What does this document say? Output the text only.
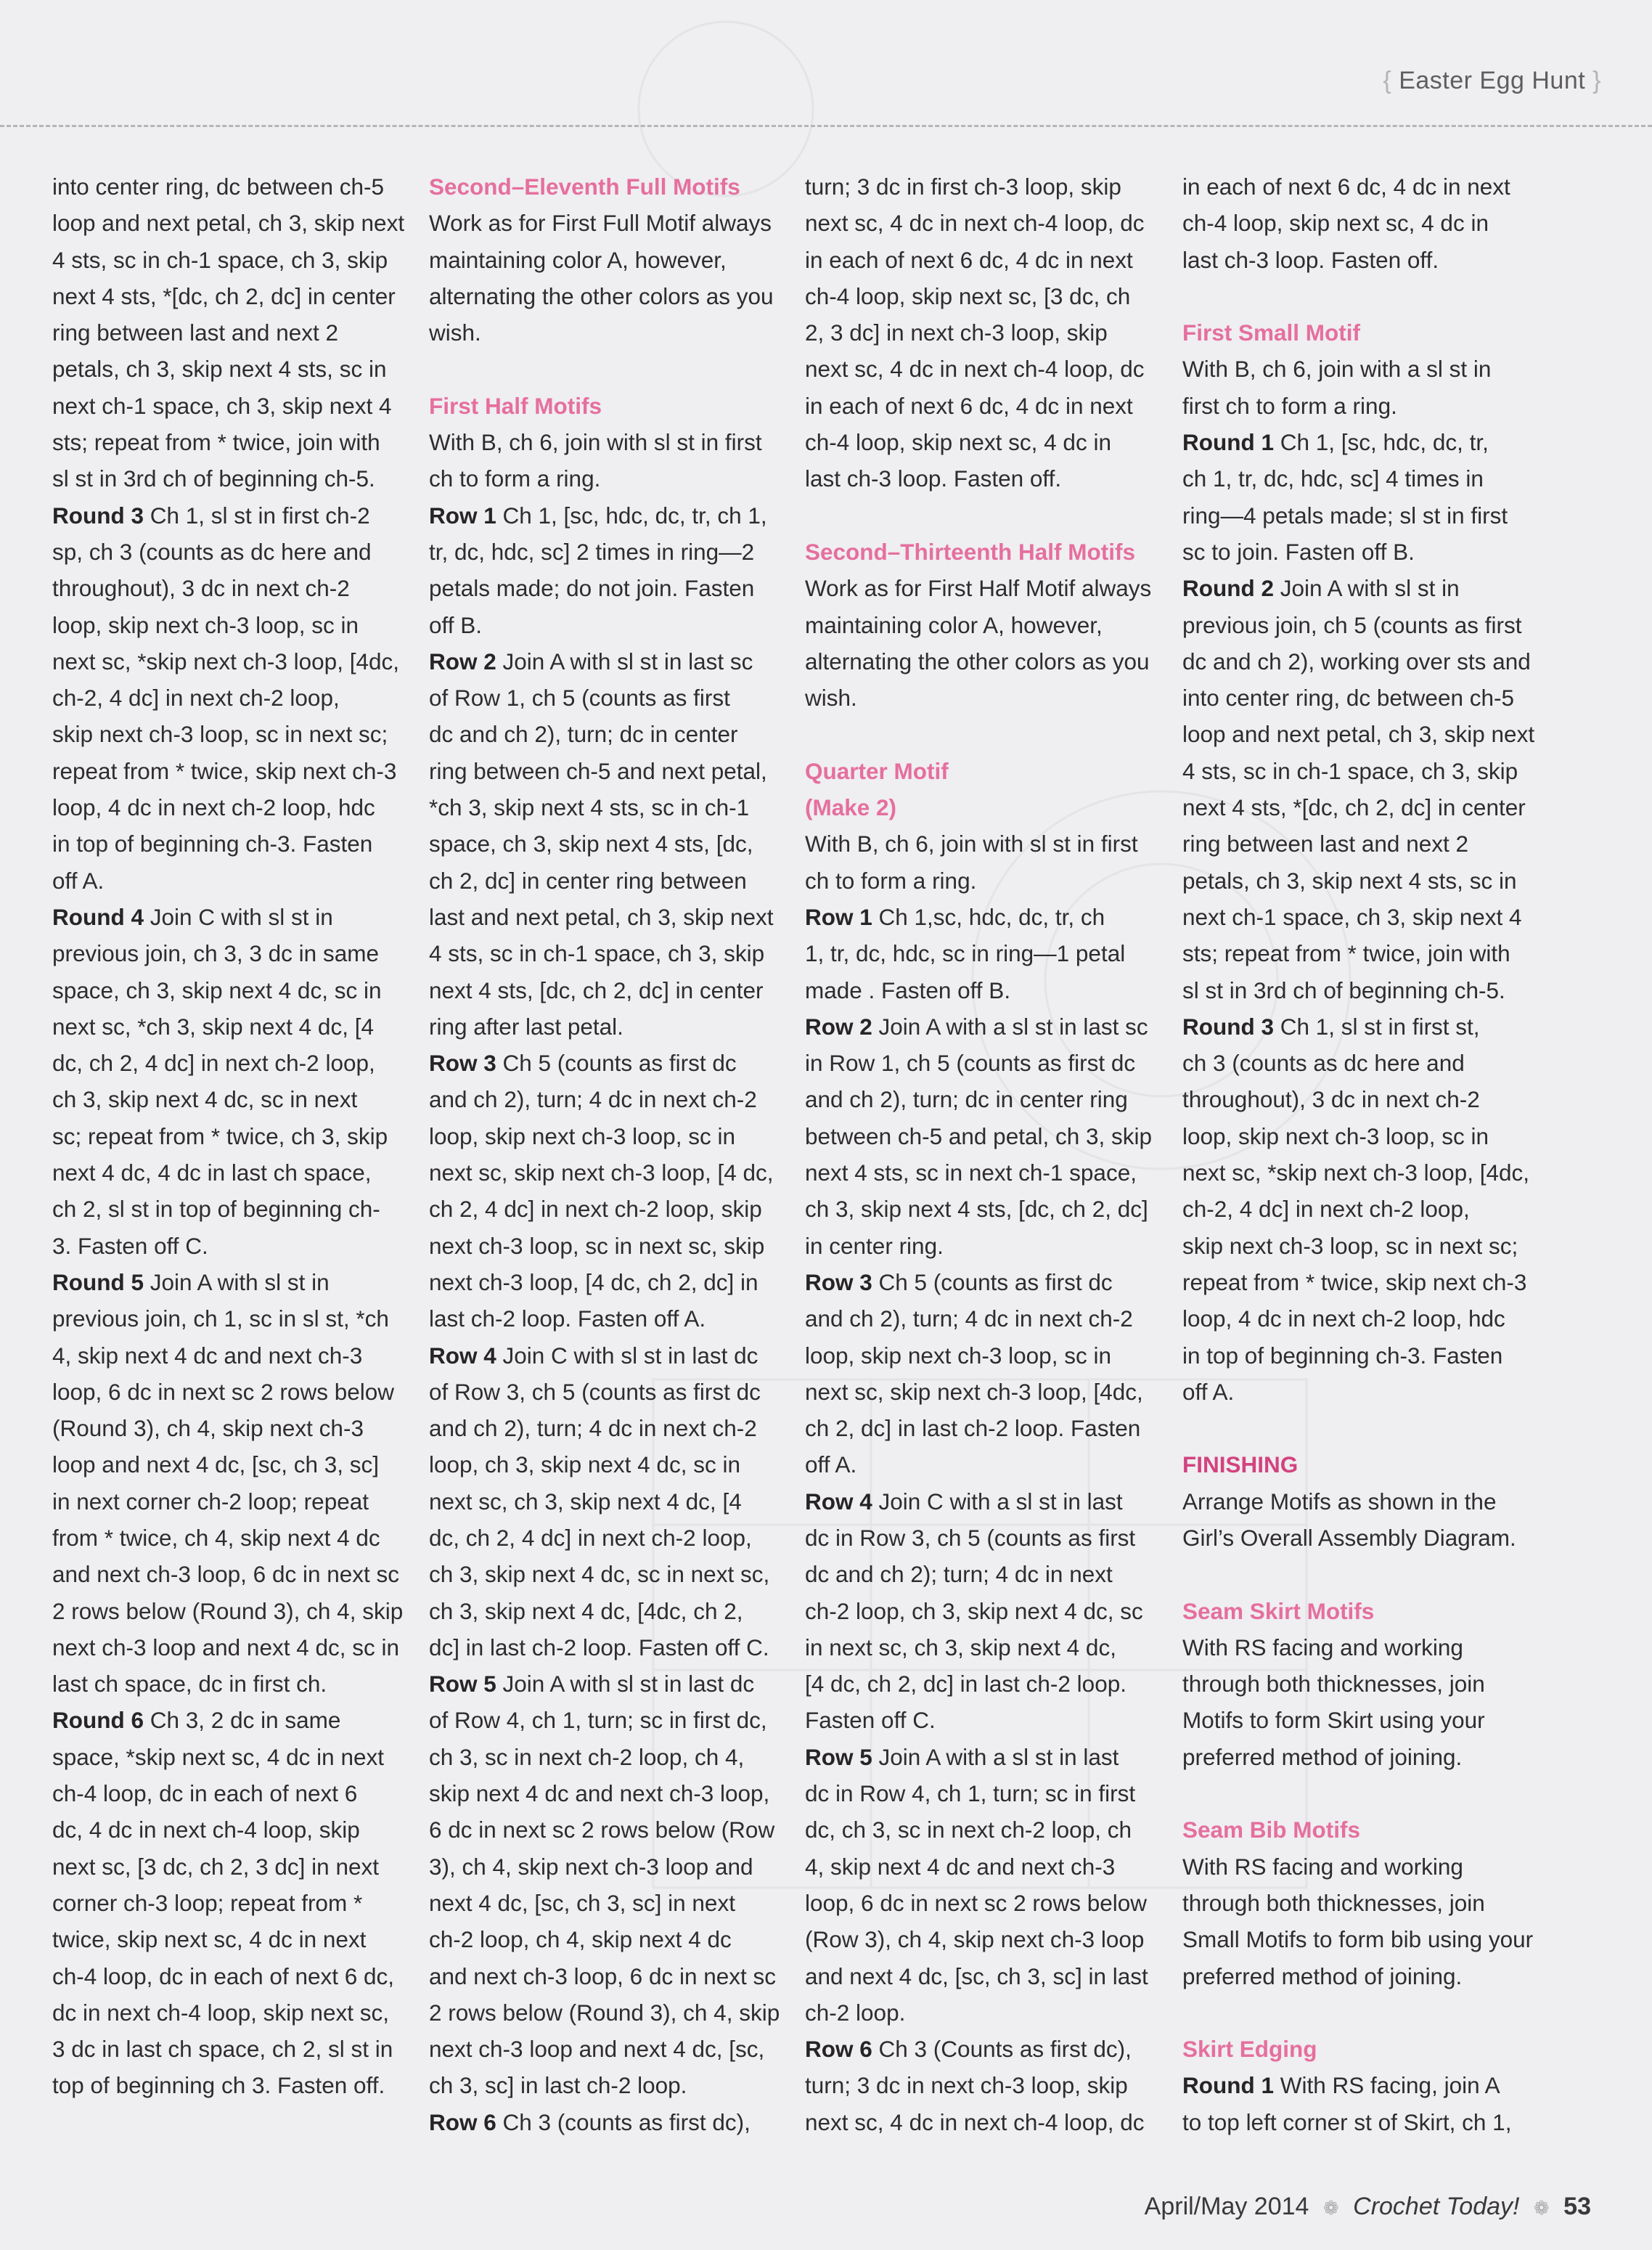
{ Easter Egg Hunt }
into center ring, dc between ch-5
loop and next petal, ch 3, skip next
4 sts, sc in ch-1 space, ch 3, skip
next 4 sts, *[dc, ch 2, dc] in center
ring between last and next 2
petals, ch 3, skip next 4 sts, sc in
next ch-1 space, ch 3, skip next 4
sts; repeat from * twice, join with
sl st in 3rd ch of beginning ch-5.
Round 3 Ch 1, sl st in first ch-2
sp, ch 3 (counts as dc here and
throughout), 3 dc in next ch-2
loop, skip next ch-3 loop, sc in
next sc, *skip next ch-3 loop, [4dc,
ch-2, 4 dc] in next ch-2 loop,
skip next ch-3 loop, sc in next sc;
repeat from * twice, skip next ch-3
loop, 4 dc in next ch-2 loop, hdc
in top of beginning ch-3. Fasten
off A.
Round 4 Join C with sl st in
previous join, ch 3, 3 dc in same
space, ch 3, skip next 4 dc, sc in
next sc, *ch 3, skip next 4 dc, [4
dc, ch 2, 4 dc] in next ch-2 loop,
ch 3, skip next 4 dc, sc in next
sc; repeat from * twice, ch 3, skip
next 4 dc, 4 dc in last ch space,
ch 2, sl st in top of beginning ch-
3. Fasten off C.
Round 5 Join A with sl st in
previous join, ch 1, sc in sl st, *ch
4, skip next 4 dc and next ch-3
loop, 6 dc in next sc 2 rows below
(Round 3), ch 4, skip next ch-3
loop and next 4 dc, [sc, ch 3, sc]
in next corner ch-2 loop; repeat
from * twice, ch 4, skip next 4 dc
and next ch-3 loop, 6 dc in next sc
2 rows below (Round 3), ch 4, skip
next ch-3 loop and next 4 dc, sc in
last ch space, dc in first ch.
Round 6 Ch 3, 2 dc in same
space, *skip next sc, 4 dc in next
ch-4 loop, dc in each of next 6
dc, 4 dc in next ch-4 loop, skip
next sc, [3 dc, ch 2, 3 dc] in next
corner ch-3 loop; repeat from *
twice, skip next sc, 4 dc in next
ch-4 loop, dc in each of next 6 dc,
dc in next ch-4 loop, skip next sc,
3 dc in last ch space, ch 2, sl st in
top of beginning ch 3. Fasten off.
Second–Eleventh Full Motifs
Work as for First Full Motif always
maintaining color A, however,
alternating the other colors as you
wish.
First Half Motifs
With B, ch 6, join with sl st in first
ch to form a ring.
Row 1 Ch 1, [sc, hdc, dc, tr, ch 1,
tr, dc, hdc, sc] 2 times in ring—2
petals made; do not join. Fasten
off B.
Row 2 Join A with sl st in last sc
of Row 1, ch 5 (counts as first
dc and ch 2), turn; dc in center
ring between ch-5 and next petal,
*ch 3, skip next 4 sts, sc in ch-1
space, ch 3, skip next 4 sts, [dc,
ch 2, dc] in center ring between
last and next petal, ch 3, skip next
4 sts, sc in ch-1 space, ch 3, skip
next 4 sts, [dc, ch 2, dc] in center
ring after last petal.
Row 3 Ch 5 (counts as first dc
and ch 2), turn; 4 dc in next ch-2
loop, skip next ch-3 loop, sc in
next sc, skip next ch-3 loop, [4 dc,
ch 2, 4 dc] in next ch-2 loop, skip
next ch-3 loop, sc in next sc, skip
next ch-3 loop, [4 dc, ch 2, dc] in
last ch-2 loop. Fasten off A.
Row 4 Join C with sl st in last dc
of Row 3, ch 5 (counts as first dc
and ch 2), turn; 4 dc in next ch-2
loop, ch 3, skip next 4 dc, sc in
next sc, ch 3, skip next 4 dc, [4
dc, ch 2, 4 dc] in next ch-2 loop,
ch 3, skip next 4 dc, sc in next sc,
ch 3, skip next 4 dc, [4dc, ch 2,
dc] in last ch-2 loop. Fasten off C.
Row 5 Join A with sl st in last dc
of Row 4, ch 1, turn; sc in first dc,
ch 3, sc in next ch-2 loop, ch 4,
skip next 4 dc and next ch-3 loop,
6 dc in next sc 2 rows below (Row
3), ch 4, skip next ch-3 loop and
next 4 dc, [sc, ch 3, sc] in next
ch-2 loop, ch 4, skip next 4 dc
and next ch-3 loop, 6 dc in next sc
2 rows below (Round 3), ch 4, skip
next ch-3 loop and next 4 dc, [sc,
ch 3, sc] in last ch-2 loop.
Row 6 Ch 3 (counts as first dc),
turn; 3 dc in first ch-3 loop, skip
next sc, 4 dc in next ch-4 loop, dc
in each of next 6 dc, 4 dc in next
ch-4 loop, skip next sc, [3 dc, ch
2, 3 dc] in next ch-3 loop, skip
next sc, 4 dc in next ch-4 loop, dc
in each of next 6 dc, 4 dc in next
ch-4 loop, skip next sc, 4 dc in
last ch-3 loop. Fasten off.
Second–Thirteenth Half Motifs
Work as for First Half Motif always
maintaining color A, however,
alternating the other colors as you
wish.
Quarter Motif
(Make 2)
With B, ch 6, join with sl st in first
ch to form a ring.
Row 1 Ch 1,sc, hdc, dc, tr, ch
1, tr, dc, hdc, sc in ring—1 petal
made . Fasten off B.
Row 2 Join A with a sl st in last sc
in Row 1, ch 5 (counts as first dc
and ch 2), turn; dc in center ring
between ch-5 and petal, ch 3, skip
next 4 sts, sc in next ch-1 space,
ch 3, skip next 4 sts, [dc, ch 2, dc]
in center ring.
Row 3 Ch 5 (counts as first dc
and ch 2), turn; 4 dc in next ch-2
loop, skip next ch-3 loop, sc in
next sc, skip next ch-3 loop, [4dc,
ch 2, dc] in last ch-2 loop. Fasten
off A.
Row 4 Join C with a sl st in last
dc in Row 3, ch 5 (counts as first
dc and ch 2); turn; 4 dc in next
ch-2 loop, ch 3, skip next 4 dc, sc
in next sc, ch 3, skip next 4 dc,
[4 dc, ch 2, dc] in last ch-2 loop.
Fasten off C.
Row 5 Join A with a sl st in last
dc in Row 4, ch 1, turn; sc in first
dc, ch 3, sc in next ch-2 loop, ch
4, skip next 4 dc and next ch-3
loop, 6 dc in next sc 2 rows below
(Row 3), ch 4, skip next ch-3 loop
and next 4 dc, [sc, ch 3, sc] in last
ch-2 loop.
Row 6 Ch 3 (Counts as first dc),
turn; 3 dc in next ch-3 loop, skip
next sc, 4 dc in next ch-4 loop, dc
in each of next 6 dc, 4 dc in next
ch-4 loop, skip next sc, 4 dc in
last ch-3 loop. Fasten off.
First Small Motif
With B, ch 6, join with a sl st in
first ch to form a ring.
Round 1 Ch 1, [sc, hdc, dc, tr,
ch 1, tr, dc, hdc, sc] 4 times in
ring—4 petals made; sl st in first
sc to join. Fasten off B.
Round 2 Join A with sl st in
previous join, ch 5 (counts as first
dc and ch 2), working over sts and
into center ring, dc between ch-5
loop and next petal, ch 3, skip next
4 sts, sc in ch-1 space, ch 3, skip
next 4 sts, *[dc, ch 2, dc] in center
ring between last and next 2
petals, ch 3, skip next 4 sts, sc in
next ch-1 space, ch 3, skip next 4
sts; repeat from * twice, join with
sl st in 3rd ch of beginning ch-5.
Round 3 Ch 1, sl st in first st,
ch 3 (counts as dc here and
throughout), 3 dc in next ch-2
loop, skip next ch-3 loop, sc in
next sc, *skip next ch-3 loop, [4dc,
ch-2, 4 dc] in next ch-2 loop,
skip next ch-3 loop, sc in next sc;
repeat from * twice, skip next ch-3
loop, 4 dc in next ch-2 loop, hdc
in top of beginning ch-3. Fasten
off A.
FINISHING
Arrange Motifs as shown in the
Girl’s Overall Assembly Diagram.
Seam Skirt Motifs
With RS facing and working
through both thicknesses, join
Motifs to form Skirt using your
preferred method of joining.
Seam Bib Motifs
With RS facing and working
through both thicknesses, join
Small Motifs to form bib using your
preferred method of joining.
Skirt Edging
Round 1 With RS facing, join A
to top left corner st of Skirt, ch 1,
April/May 2014 ❁ Crochet Today! ❁ 53
